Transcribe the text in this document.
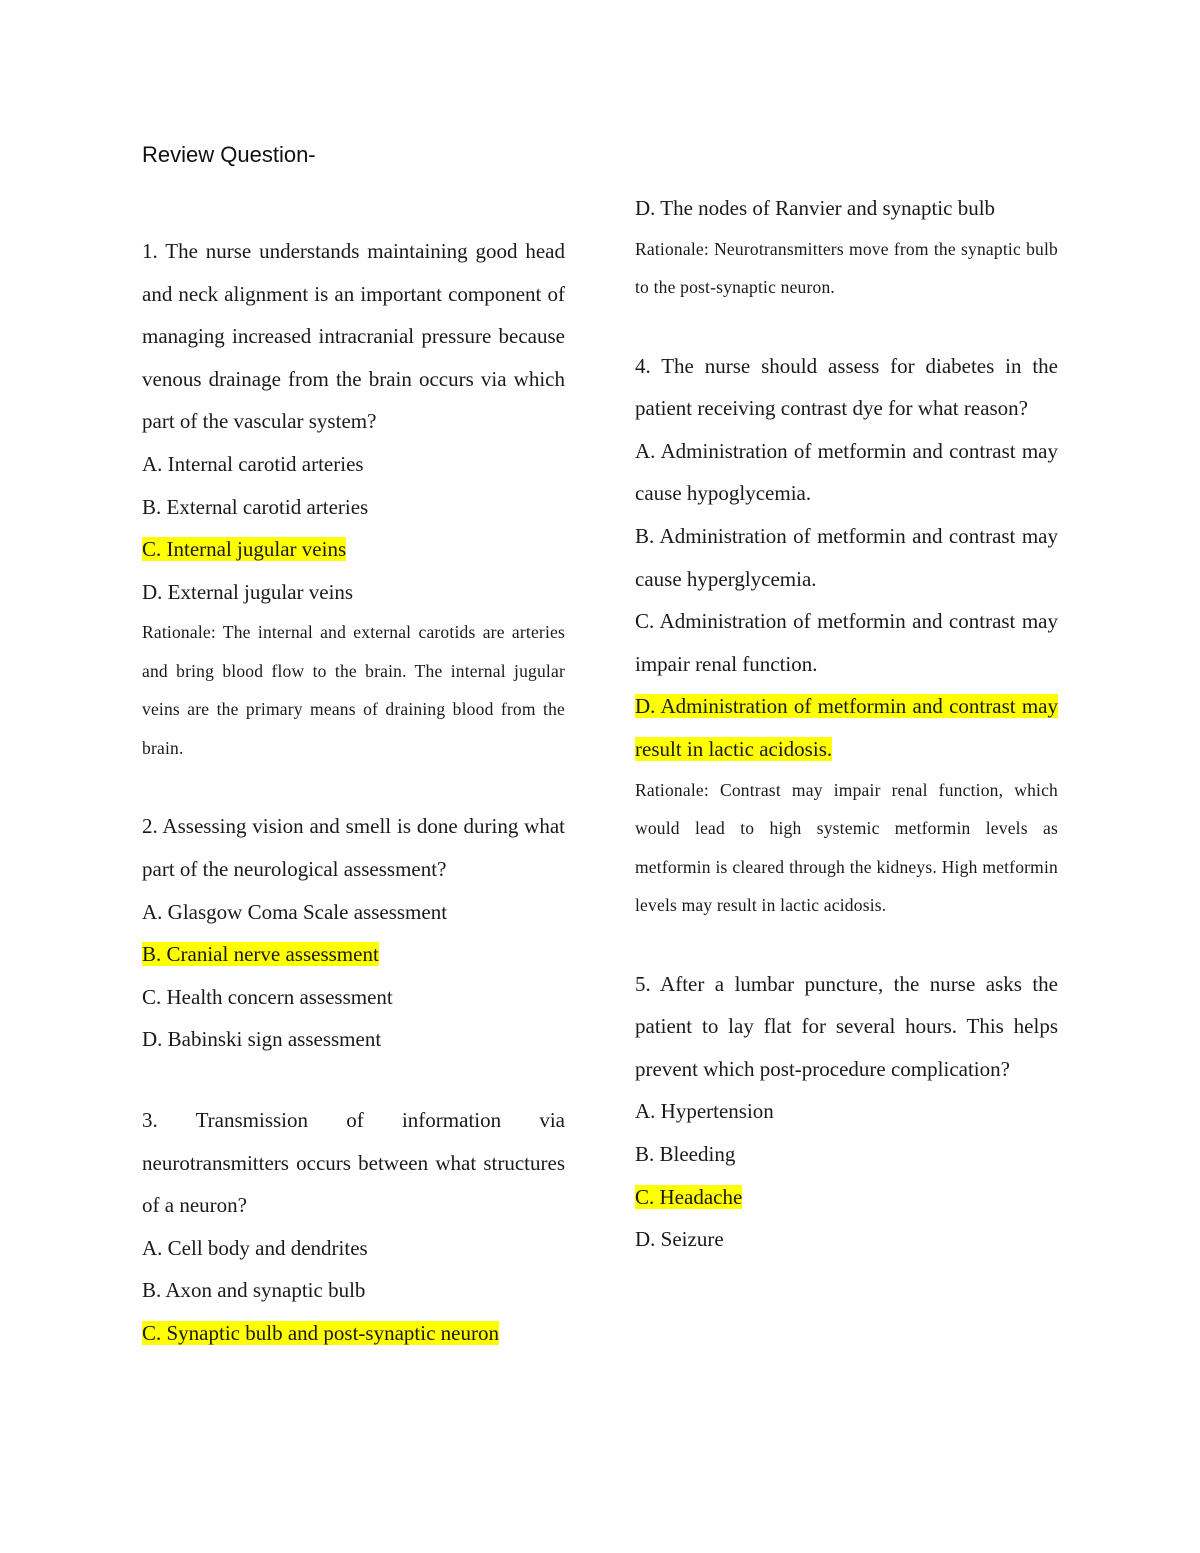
Review Question-

1. The nurse understands maintaining good head and neck alignment is an important component of managing increased intracranial pressure because venous drainage from the brain occurs via which part of the vascular system?

A. Internal carotid arteries

B. External carotid arteries

C. Internal jugular veins

D. External jugular veins

Rationale: The internal and external carotids are arteries and bring blood flow to the brain. The internal jugular veins are the primary means of draining blood from the brain.

2. Assessing vision and smell is done during what part of the neurological assessment?

A. Glasgow Coma Scale assessment

B. Cranial nerve assessment

C. Health concern assessment

D. Babinski sign assessment

3. Transmission of information via neurotransmitters occurs between what structures of a neuron?

A. Cell body and dendrites

B. Axon and synaptic bulb

C. Synaptic bulb and post-synaptic neuron

D. The nodes of Ranvier and synaptic bulb

Rationale: Neurotransmitters move from the synaptic bulb to the post-synaptic neuron.

4. The nurse should assess for diabetes in the patient receiving contrast dye for what reason?

A. Administration of metformin and contrast may cause hypoglycemia.

B. Administration of metformin and contrast may cause hyperglycemia.

C. Administration of metformin and contrast may impair renal function.

D. Administration of metformin and contrast may result in lactic acidosis.

Rationale: Contrast may impair renal function, which would lead to high systemic metformin levels as metformin is cleared through the kidneys. High metformin levels may result in lactic acidosis.

5. After a lumbar puncture, the nurse asks the patient to lay flat for several hours. This helps prevent which post-procedure complication?

A. Hypertension

B. Bleeding

C. Headache

D. Seizure
